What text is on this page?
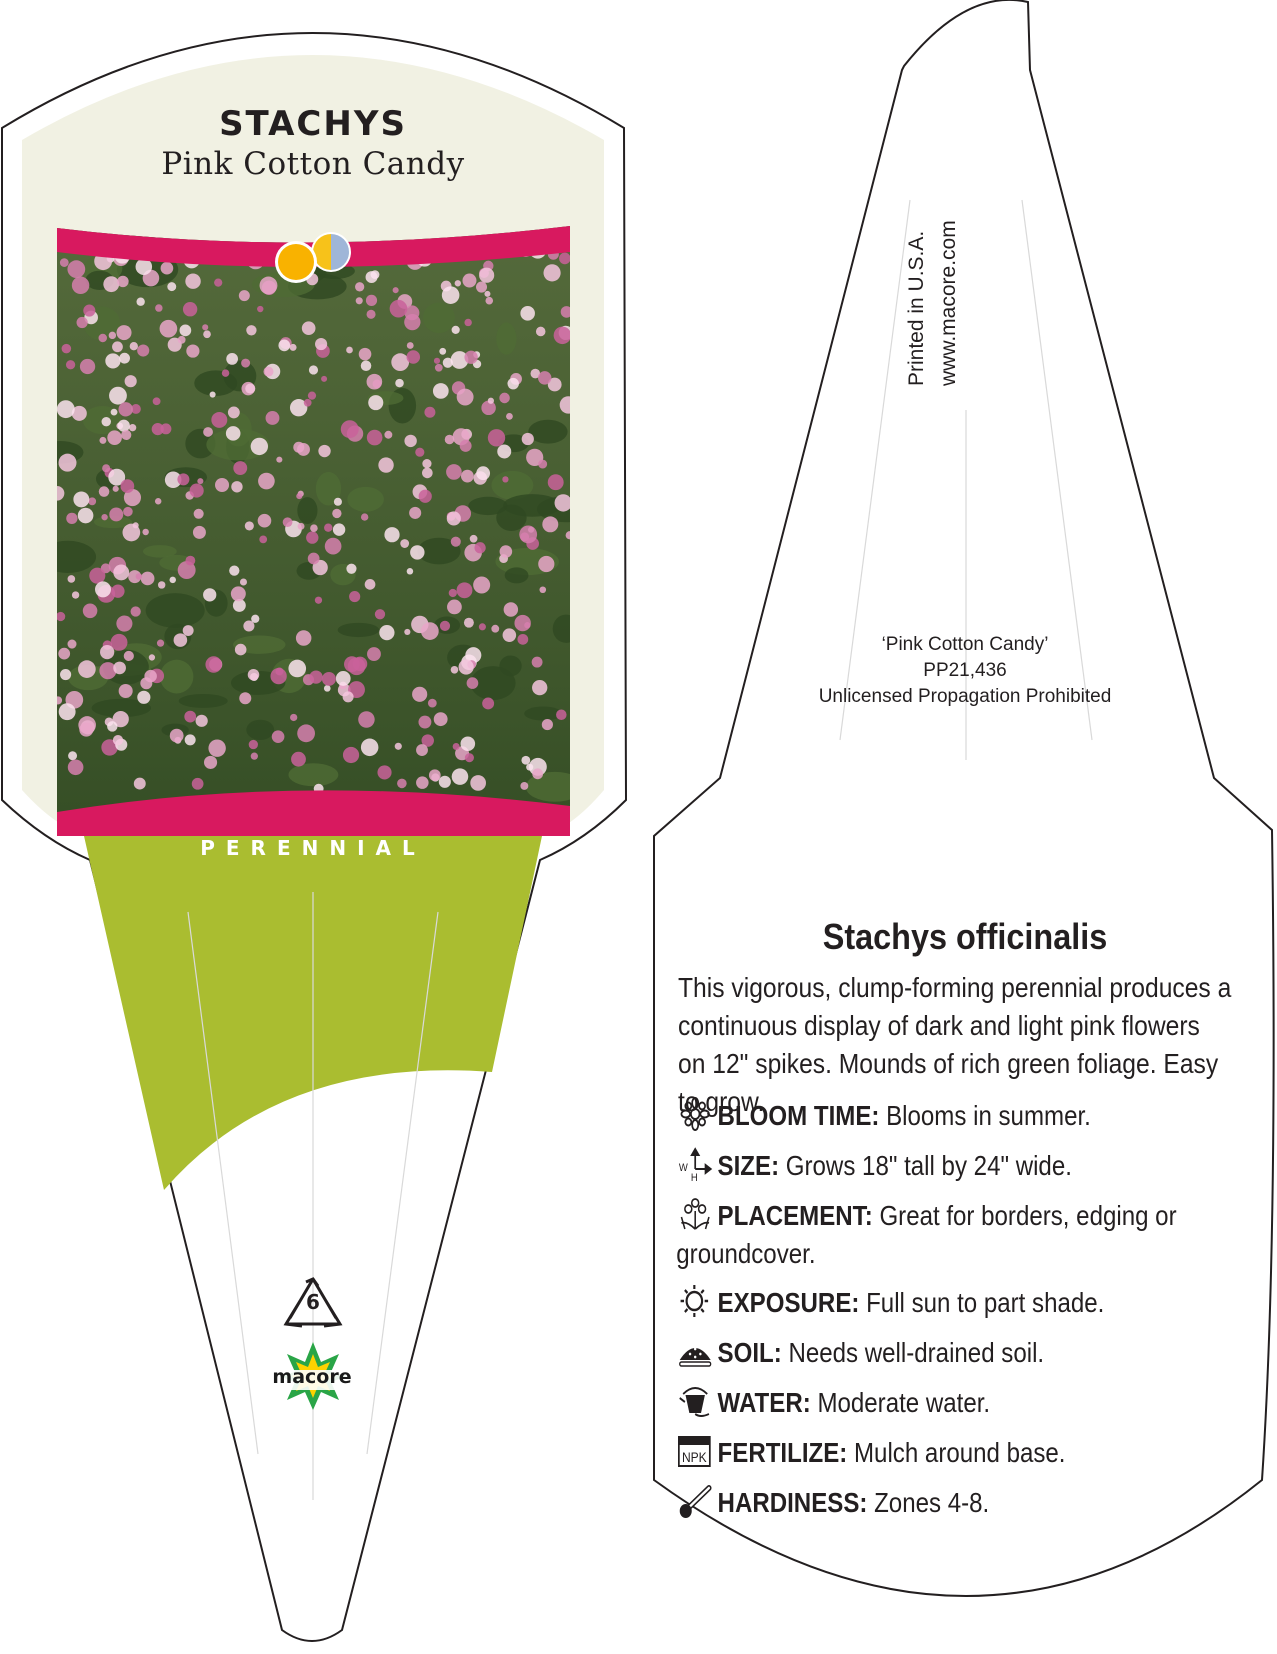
STACHYS
Pink Cotton Candy
PERENNIAL
6
macore
Printed in U.S.A. www.macore.com
‘Pink Cotton Candy’
PP21,436
Unlicensed Propagation Prohibited
Stachys officinalis
This vigorous, clump-forming perennial produces a continuous display of dark and light pink flowers on 12" spikes. Mounds of rich green foliage. Easy to grow.
BLOOM TIME: Blooms in summer.
W
H SIZE: Grows 18" tall by 24" wide.
PLACEMENT: Great for borders, edging or
groundcover.
EXPOSURE: Full sun to part shade.
SOIL: Needs well-drained soil.
WATER: Moderate water.
NPK FERTILIZE: Mulch around base.
HARDINESS: Zones 4-8.
